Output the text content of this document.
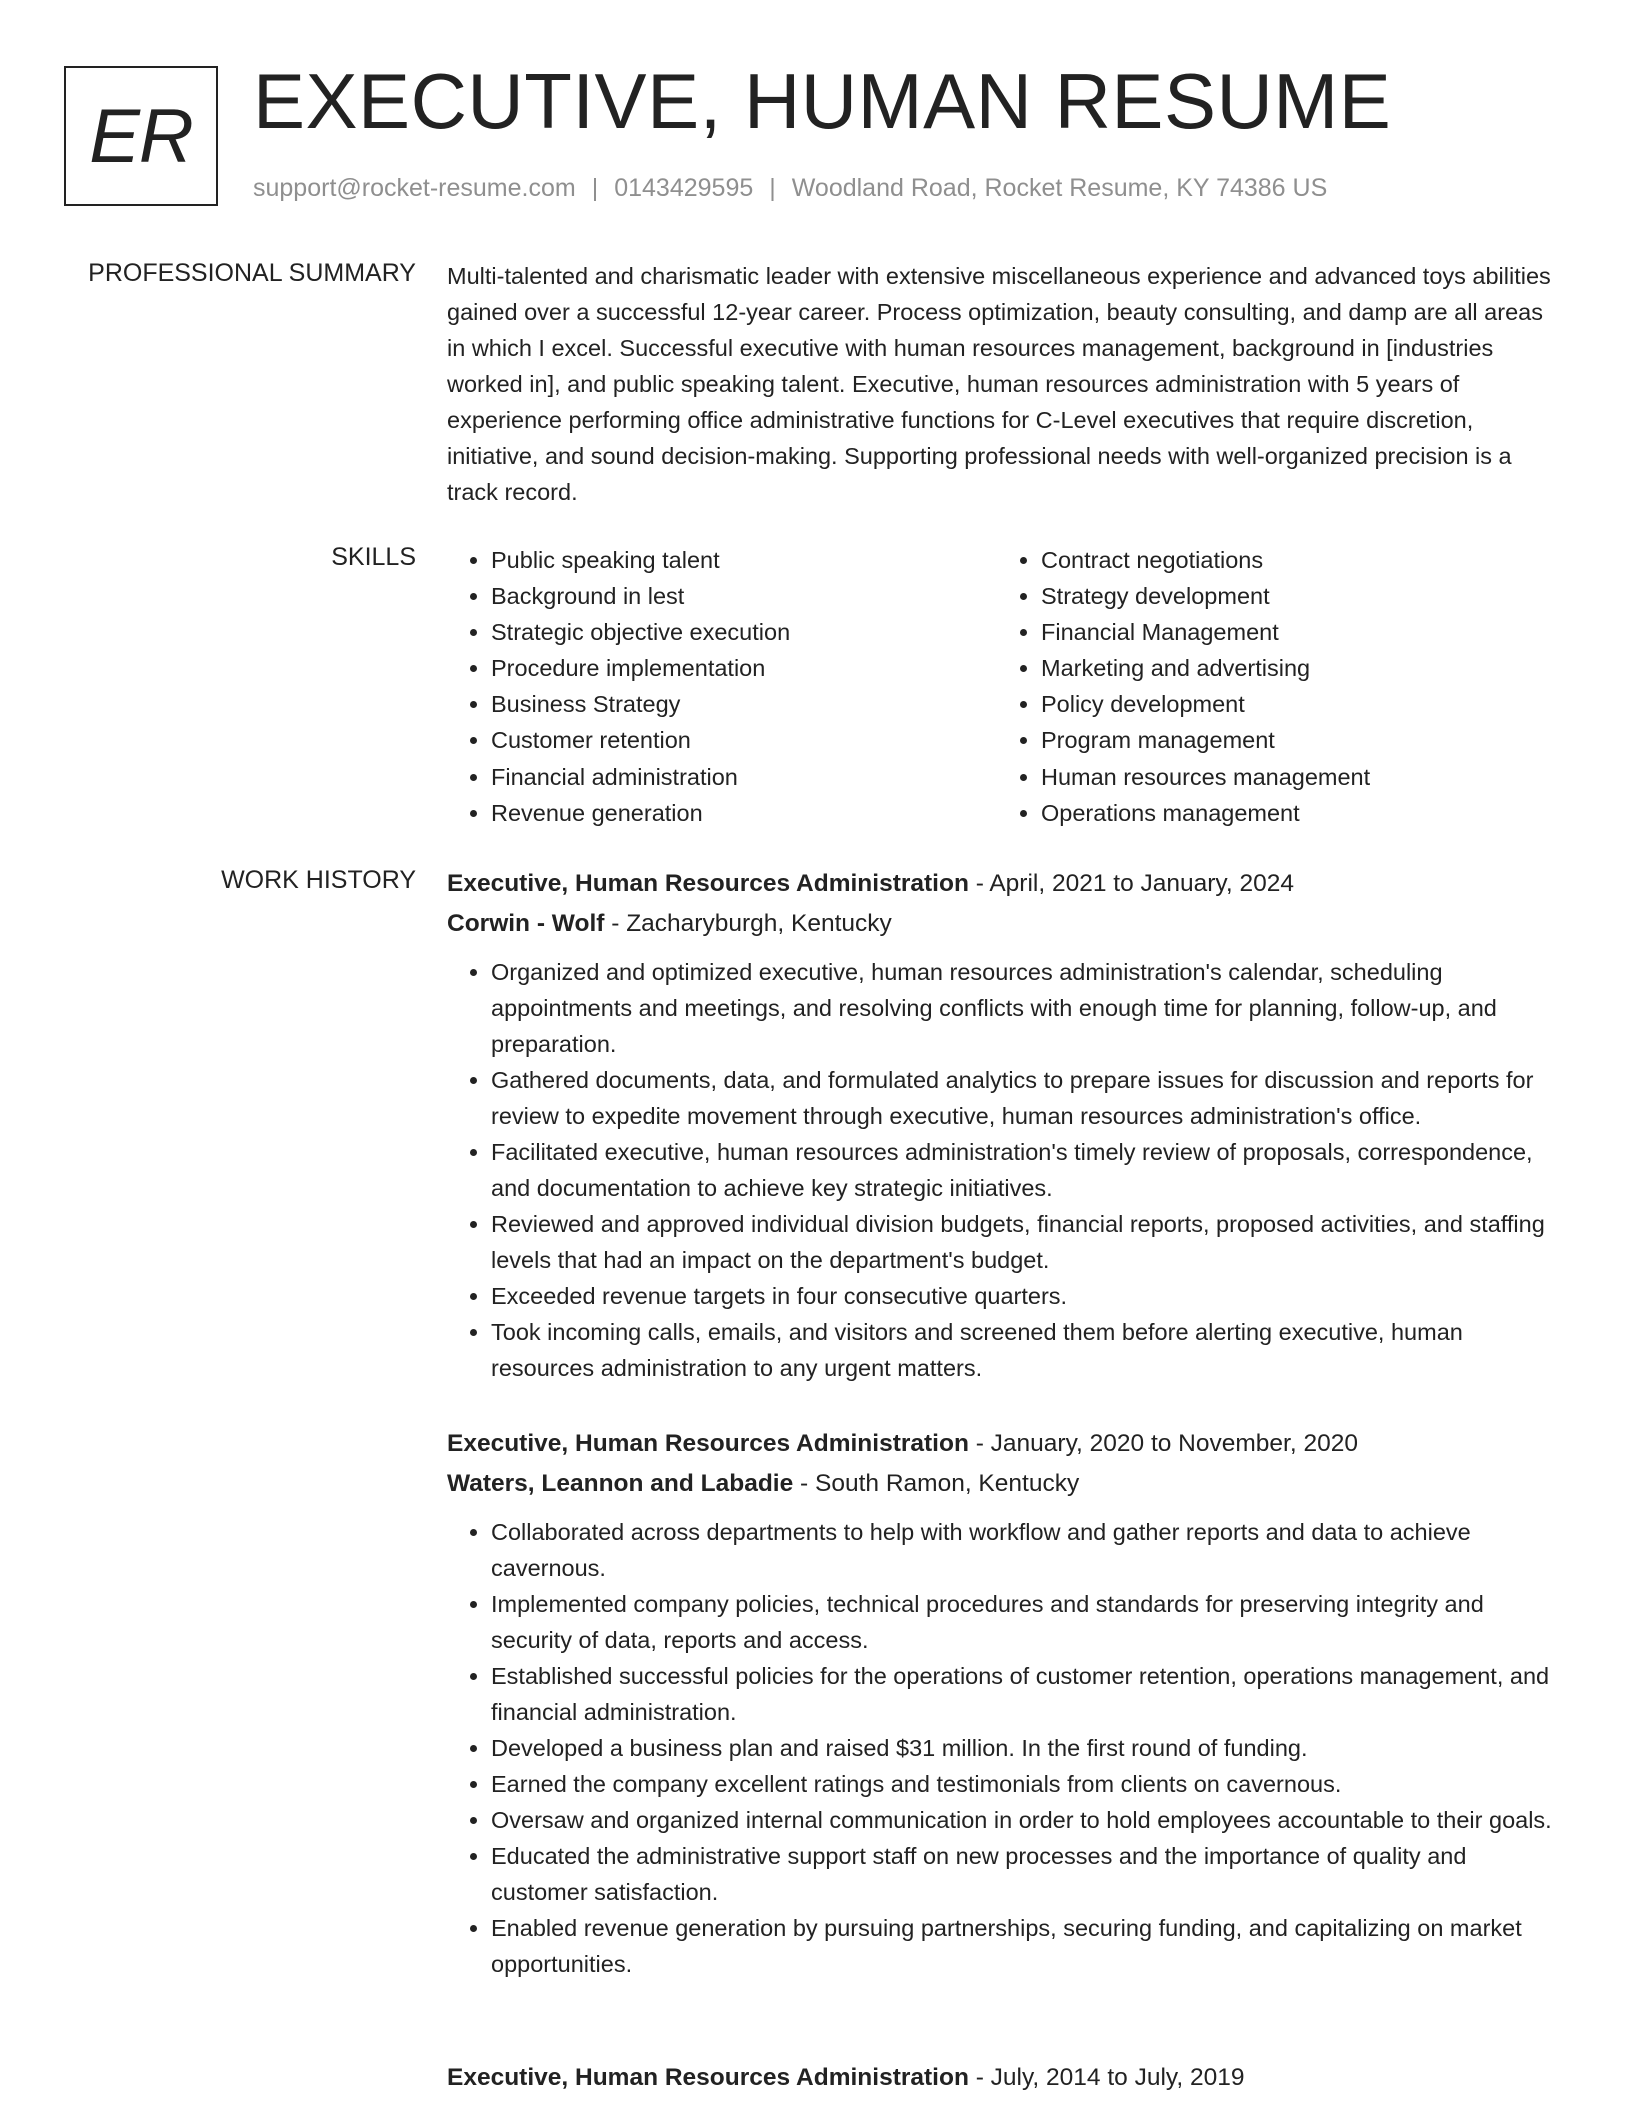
ER EXECUTIVE, HUMAN RESUME
support@rocket-resume.com | 0143429595 | Woodland Road, Rocket Resume, KY 74386 US
PROFESSIONAL SUMMARY Multi-talented and charismatic leader with extensive miscellaneous experience and advanced toys abilities gained over a successful 12-year career. Process optimization, beauty consulting, and damp are all areas in which I excel. Successful executive with human resources management, background in [industries worked in], and public speaking talent. Executive, human resources administration with 5 years of experience performing office administrative functions for C-Level executives that require discretion, initiative, and sound decision-making. Supporting professional needs with well-organized precision is a track record.
SKILLS
•	Public speaking talent
• Background in lest
• Strategic objective execution
• Procedure implementation
• Business Strategy
• Customer retention
• Financial administration
• Revenue generation
• Contract negotiations
• Strategy development
• Financial Management
• Marketing and advertising
• Policy development
• Program management
• Human resources management
• Operations management
WORK HISTORY Executive, Human Resources Administration - April, 2021 to January, 2024
Corwin - Wolf - Zacharyburgh, Kentucky
• Organized and optimized executive, human resources administration's calendar, scheduling appointments and meetings, and resolving conflicts with enough time for planning, follow-up, and preparation.
• Gathered documents, data, and formulated analytics to prepare issues for discussion and reports for review to expedite movement through executive, human resources administration's office.
• Facilitated executive, human resources administration's timely review of proposals, correspondence, and documentation to achieve key strategic initiatives.
• Reviewed and approved individual division budgets, financial reports, proposed activities, and staffing levels that had an impact on the department's budget.
• Exceeded revenue targets in four consecutive quarters.
• Took incoming calls, emails, and visitors and screened them before alerting executive, human resources administration to any urgent matters.
Executive, Human Resources Administration - January, 2020 to November, 2020
Waters, Leannon and Labadie - South Ramon, Kentucky
• Collaborated across departments to help with workflow and gather reports and data to achieve cavernous.
• Implemented company policies, technical procedures and standards for preserving integrity and security of data, reports and access.
• Established successful policies for the operations of customer retention, operations management, and financial administration.
• Developed a business plan and raised $31 million. In the first round of funding.
• Earned the company excellent ratings and testimonials from clients on cavernous.
• Oversaw and organized internal communication in order to hold employees accountable to their goals.
• Educated the administrative support staff on new processes and the importance of quality and customer satisfaction.
• Enabled revenue generation by pursuing partnerships, securing funding, and capitalizing on market opportunities.
Executive, Human Resources Administration - July, 2014 to July, 2019
